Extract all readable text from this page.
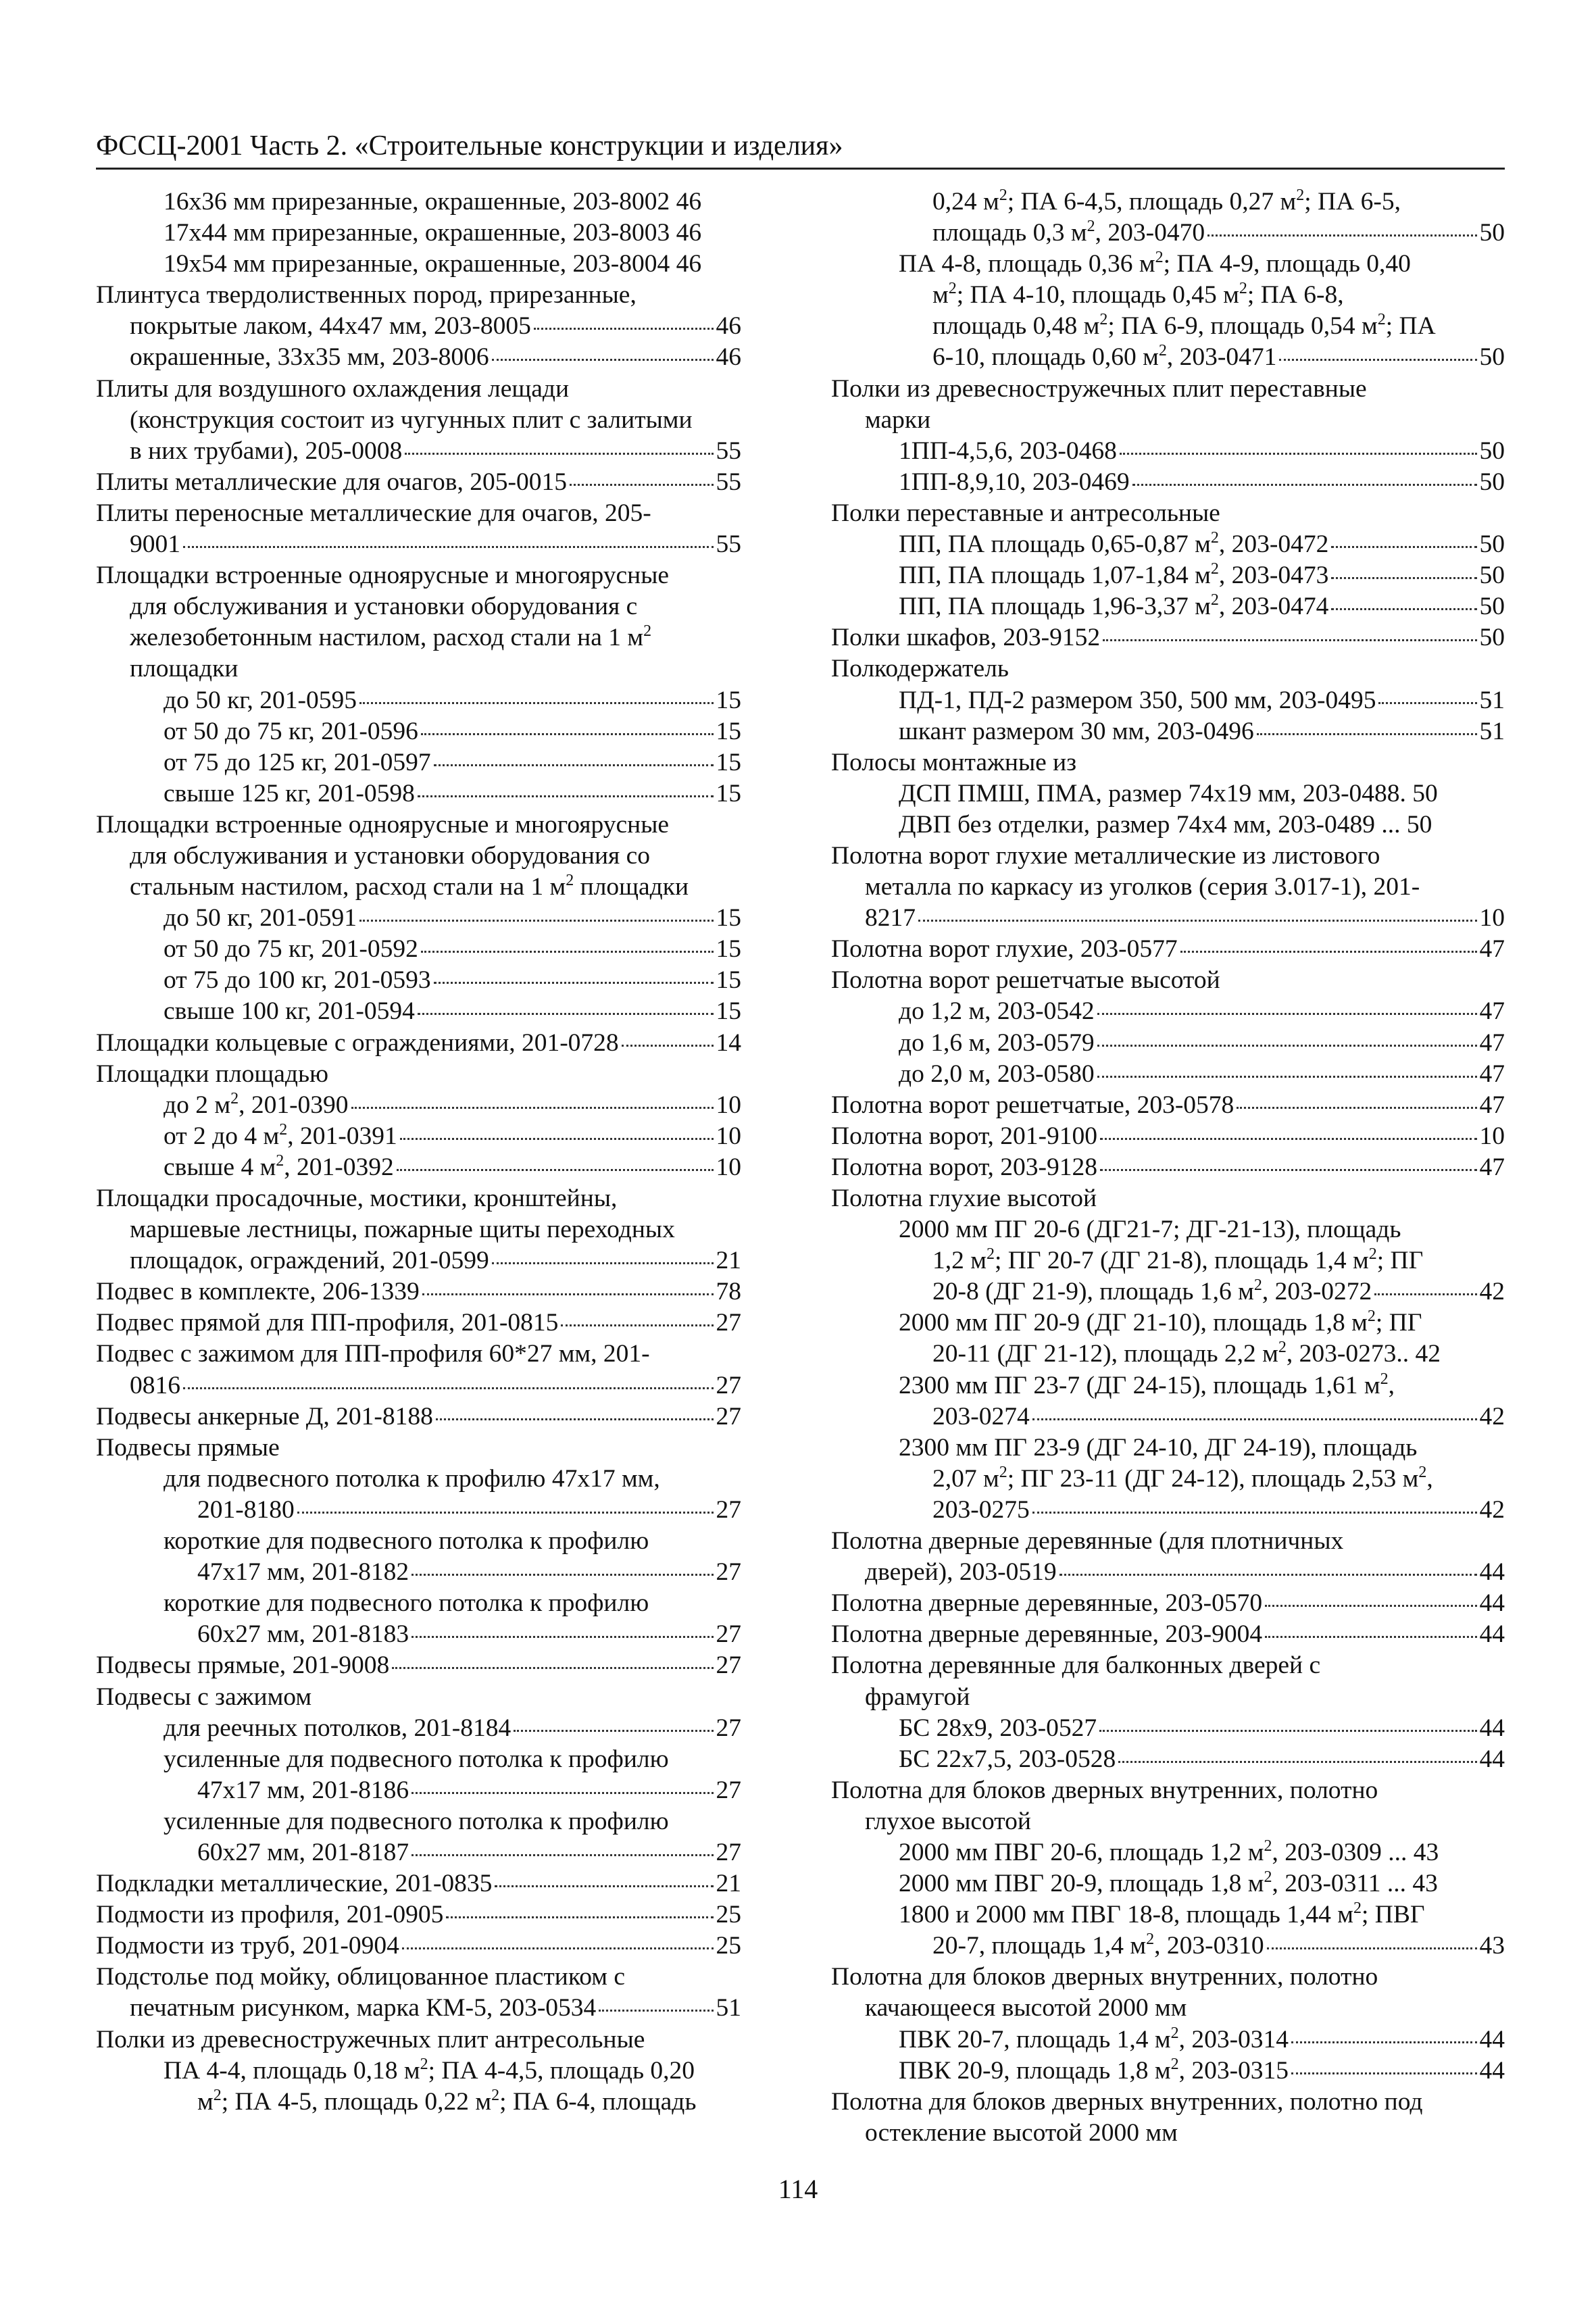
ФССЦ-2001 Часть 2. «Строительные конструкции и изделия»
16x36 мм прирезанные, окрашенные, 203-8002 46
17x44 мм прирезанные, окрашенные, 203-8003 46
19x54 мм прирезанные, окрашенные, 203-8004 46
Плинтуса твердолиственных пород, прирезанные,
покрытые лаком, 44x47 мм, 203-8005	46
окрашенные, 33x35 мм, 203-8006	46
Плиты для воздушного охлаждения лещади
(конструкция состоит из чугунных плит с залитыми
в них трубами), 205-0008	55
Плиты металлические для очагов, 205-0015	55
Плиты переносные металлические для очагов, 205-
9001	55
Площадки встроенные одноярусные и многоярусные
для обслуживания и установки оборудования с
железобетонным настилом, расход стали на 1 $м^2$ площадки
до 50 кг, 201-0595	15
от 50 до 75 кг, 201-0596	15
от 75 до 125 кг, 201-0597	15
свыше 125 кг, 201-0598	15
Площадки встроенные одноярусные и многоярусные
для обслуживания и установки оборудования со
стальным настилом, расход стали на 1 $м^2$ площадки
до 50 кг, 201-0591	15
от 50 до 75 кг, 201-0592	15
от 75 до 100 кг, 201-0593	15
свыше 100 кг, 201-0594	15
Площадки кольцевые с ограждениями, 201-0728	14
Площадки площадью
до 2 $м^2$, 201-0390	10
от 2 до 4 $м^2$, 201-0391	10
свыше 4 $м^2$, 201-0392	10
Площадки просадочные, мостики, кронштейны,
маршевые лестницы, пожарные щиты переходных
площадок, ограждений, 201-0599	21
Подвес в комплекте, 206-1339	78
Подвес прямой для ПП-профиля, 201-0815	27
Подвес с зажимом для ПП-профиля 60*27 мм, 201-
0816	27
Подвесы анкерные Д, 201-8188	27
Подвесы прямые
для подвесного потолка к профилю 47x17 мм,
201-8180	27
короткие для подвесного потолка к профилю
47x17 мм, 201-8182	27
короткие для подвесного потолка к профилю
60x27 мм, 201-8183	27
Подвесы прямые, 201-9008	27
Подвесы с зажимом
для реечных потолков, 201-8184	27
усиленные для подвесного потолка к профилю
47x17 мм, 201-8186	27
усиленные для подвесного потолка к профилю
60x27 мм, 201-8187	27
Подкладки металлические, 201-0835	21
Подмости из профиля, 201-0905	25
Подмости из труб, 201-0904	25
Подстолье под мойку, облицованное пластиком с
печатным рисунком, марка КМ-5, 203-0534	51
Полки из древесностружечных плит антресольные
ПА 4-4, площадь 0,18 $м^2$; ПА 4-4,5, площадь 0,20
$м^2$; ПА 4-5, площадь 0,22 $м^2$; ПА 6-4, площадь
0,24 $м^2$; ПА 6-4,5, площадь 0,27 $м^2$; ПА 6-5,
площадь 0,3 $м^2$, 203-0470	50
ПА 4-8, площадь 0,36 $м^2$; ПА 4-9, площадь 0,40
$м^2$; ПА 4-10, площадь 0,45 $м^2$; ПА 6-8,
площадь 0,48 $м^2$; ПА 6-9, площадь 0,54 $м^2$; ПА
6-10, площадь 0,60 $м^2$, 203-0471	50
Полки из древесностружечных плит переставные
марки
1ПП-4,5,6, 203-0468	50
1ПП-8,9,10, 203-0469	50
Полки переставные и антресольные
ПП, ПА площадь 0,65-0,87 $м^2$, 203-0472	50
ПП, ПА площадь 1,07-1,84 $м^2$, 203-0473	50
ПП, ПА площадь 1,96-3,37 $м^2$, 203-0474	50
Полки шкафов, 203-9152	50
Полкодержатель
ПД-1, ПД-2 размером 350, 500 мм, 203-0495	51
шкант размером 30 мм, 203-0496	51
Полосы монтажные из
ДСП ПМШ, ПМА, размер 74x19 мм, 203-0488. 50
ДВП без отделки, размер 74x4 мм, 203-0489 ... 50
Полотна ворот глухие металлические из листового
металла по каркасу из уголков (серия 3.017-1), 201-
8217	10
Полотна ворот глухие, 203-0577	47
Полотна ворот решетчатые высотой
до 1,2 м, 203-0542	47
до 1,6 м, 203-0579	47
до 2,0 м, 203-0580	47
Полотна ворот решетчатые, 203-0578	47
Полотна ворот, 201-9100	10
Полотна ворот, 203-9128	47
Полотна глухие высотой
2000 мм ПГ 20-6 (ДГ21-7; ДГ-21-13), площадь
1,2 $м^2$; ПГ 20-7 (ДГ 21-8), площадь 1,4 $м^2$; ПГ
20-8 (ДГ 21-9), площадь 1,6 $м^2$, 203-0272	42
2000 мм ПГ 20-9 (ДГ 21-10), площадь 1,8 $м^2$; ПГ
20-11 (ДГ 21-12), площадь 2,2 $м^2$, 203-0273.. 42
2300 мм ПГ 23-7 (ДГ 24-15), площадь 1,61 $м^2$,
203-0274	42
2300 мм ПГ 23-9 (ДГ 24-10, ДГ 24-19), площадь
2,07 $м^2$; ПГ 23-11 (ДГ 24-12), площадь 2,53 $м^2$,
203-0275	42
Полотна дверные деревянные (для плотничных
дверей), 203-0519	44
Полотна дверные деревянные, 203-0570	44
Полотна дверные деревянные, 203-9004	44
Полотна деревянные для балконных дверей с
фрамугой
БС 28x9, 203-0527	44
БС 22x7,5, 203-0528	44
Полотна для блоков дверных внутренних, полотно
глухое высотой
2000 мм ПВГ 20-6, площадь 1,2 $м^2$, 203-0309 ... 43
2000 мм ПВГ 20-9, площадь 1,8 $м^2$, 203-0311 ... 43
1800 и 2000 мм ПВГ 18-8, площадь 1,44 $м^2$; ПВГ
20-7, площадь 1,4 $м^2$, 203-0310	43
Полотна для блоков дверных внутренних, полотно
качающееся высотой 2000 мм
ПВК 20-7, площадь 1,4 $м^2$, 203-0314	44
ПВК 20-9, площадь 1,8 $м^2$, 203-0315	44
Полотна для блоков дверных внутренних, полотно под
остекление высотой 2000 мм
114
